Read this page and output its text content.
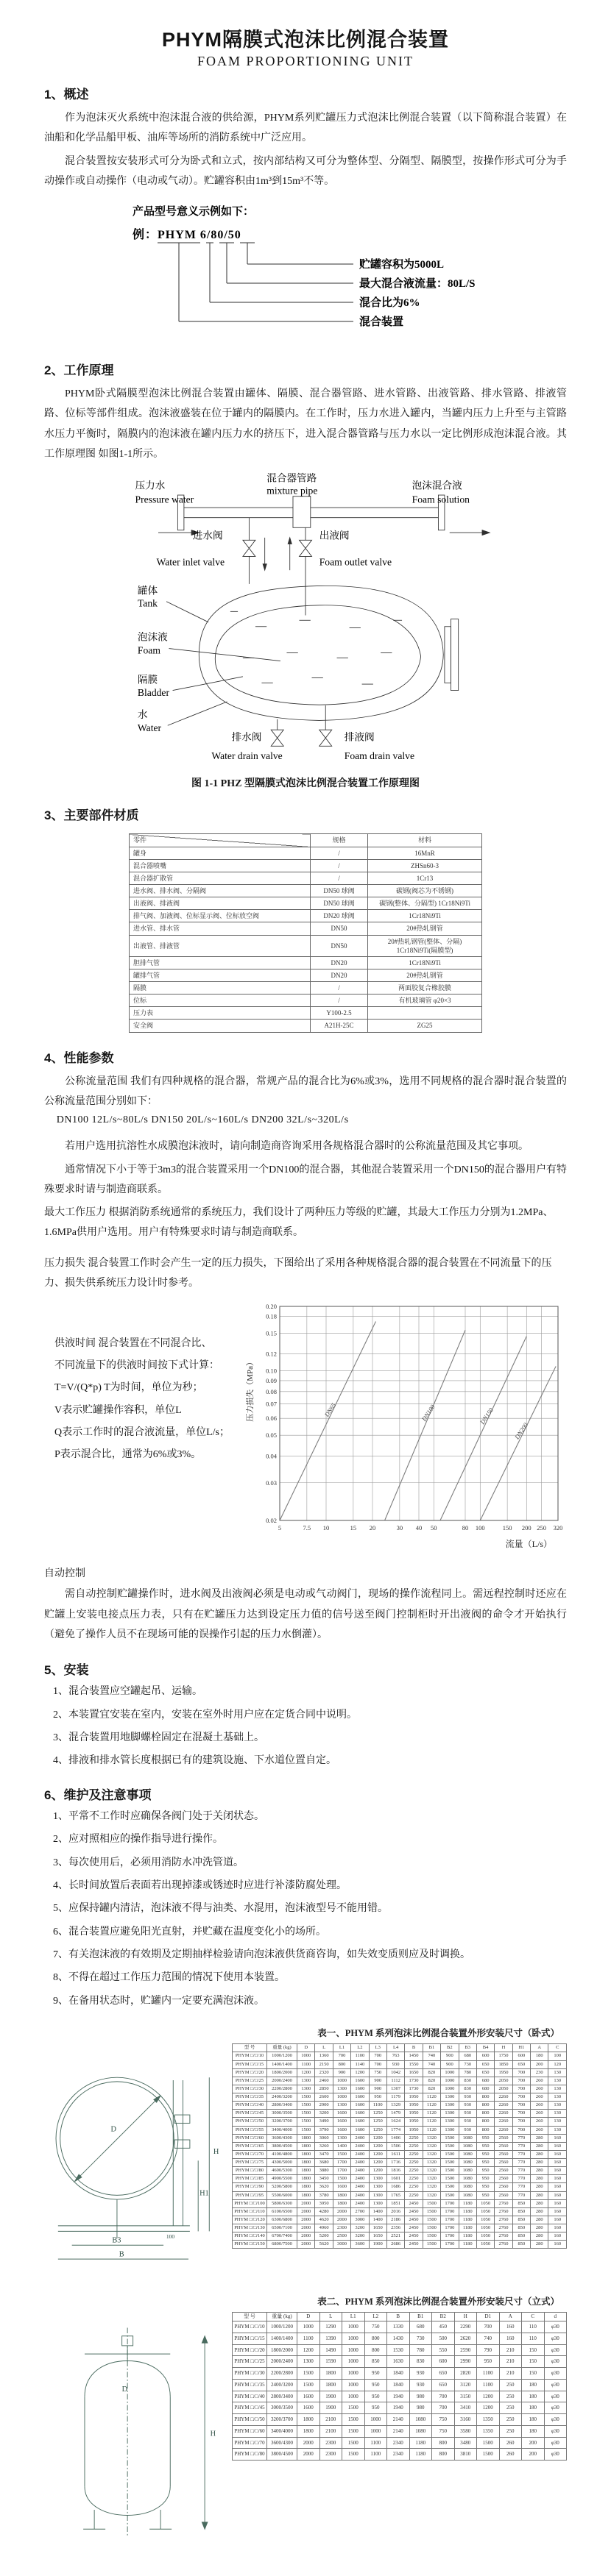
PHYM隔膜式泡沫比例混合装置
FOAM PROPORTIONING UNIT
1、概述

作为泡沫灭火系统中泡沫混合液的供给源，PHYM系列贮罐压力式泡沫比例混合装置（以下简称混合装置）在油船和化学品船甲板、油库等场所的消防系统中广泛应用。

混合装置按安装形式可分为卧式和立式，按内部结构又可分为整体型、分隔型、隔膜型，按操作形式可分为手动操作或自动操作（电动或气动）。贮罐容积由1m³到15m³不等。

产品型号意义示例如下：
例：PHYM 6/80/50
贮罐容积为5000L
最大混合液流量：80L/S
混合比为6%
混合装置
2、工作原理

PHYM卧式隔膜型泡沫比例混合装置由罐体、隔膜、混合器管路、进水管路、出液管路、排水管路、排液管路、位标等部件组成。泡沫液盛装在位于罐内的隔膜内。在工作时，压力水进入罐内，当罐内压力上升至与主管路水压力平衡时，隔膜内的泡沫液在罐内压力水的挤压下，进入混合器管路与压力水以一定比例形成泡沫混合液。其工作原理图 如图1-1所示。

压力水
Pressure water
混合器管路
mixture pipe	泡沫混合液
Foam solution
进水阀
Water inlet valve
出液阀
Foam outlet valve
罐体
Tank
泡沫液
Foam
隔膜
Bladder
水
Water
排水阀
Water drain valve
排液阀
Foam drain valve
图 1-1 PHZ 型隔膜式泡沫比例混合装置工作原理图
3、主要部件材质
零件	规格	材料
罐身	/	16MnR
混合器喷嘴	/	ZHSn60-3
混合器扩散管	/	1Cr13
进水阀、排水阀、分隔阀	DN50 球阀	碳钢(阀芯为不锈钢)
出液阀、排液阀	DN50 球阀	碳钢(整体、分隔型) 1Cr18Ni9Ti
排气阀、加液阀、位标显示阀、位标放空阀	DN20 球阀	1Cr18Ni9Ti
进水管、排水管	DN50	20#热轧钢管
出液管、排液管	DN50	20#热轧钢管(整体、分隔) 1Cr18Ni9Ti(隔膜型)
胆排气管	DN20	1Cr18Ni9Ti
罐排气管	DN20	20#热轧钢管
隔膜	/	两面胶复合橡胶膜
位标	/	有机玻璃管 φ20×3
压力表	Y100-2.5	
安全阀	A21H-25C	ZG25
4、性能参数

公称流量范围 我们有四种规格的混合器，常规产品的混合比为6%或3%，选用不同规格的混合器时混合装置的公称流量范围分别如下：

DN100 12L/s~80L/s DN150 20L/s~160L/s DN200 32L/s~320L/s

若用户选用抗溶性水成膜泡沫液时，请向制造商咨询采用各规格混合器时的公称流量范围及其它事项。

通常情况下小于等于3m3的混合装置采用一个DN100的混合器，其他混合装置采用一个DN150的混合器用户有特殊要求时请与制造商联系。

最大工作压力 根据消防系统通常的系统压力，我们设计了两种压力等级的贮罐，其最大工作压力分别为1.2MPa、1.6MPa供用户选用。用户有特殊要求时请与制造商联系。

压力损失 混合装置工作时会产生一定的压力损失，下图给出了采用各种规格混合器的混合装置在不同流量下的压力、损失供系统压力设计时参考。

供液时间 混合装置在不同混合比、
不同流量下的供液时间按下式计算：
T=V/(Q*p) T为时间，单位为秒；
V表示贮罐操作容积，单位L
Q表示工作时的混合液流量，单位L/s；
P表示混合比，通常为6%或3%。
5	7.5 10	15 20	30 40 50	80 100	150 200 250 320
0.20
0.18
0.15
0.12
0.10
0.09
0.08
0.07
0.06
0.05
0.04
0.03
0.02
DN65	DN100	DN150
DN200
压力损失（MPa）
流量（L/s）
自动控制

需自动控制贮罐操作时，进水阀及出液阀必须是电动或气动阀门，现场的操作流程同上。需远程控制时还应在贮罐上安装电接点压力表，只有在贮罐压力达到设定压力值的信号送至阀门控制柜时开出液阀的命令才开始执行（避免了操作人员不在现场可能的误操作引起的压力水倒灌）。

5、安装
1、混合装置应空罐起吊、运输。
2、本装置宜安装在室内，安装在室外时用户应在定货合同中说明。
3、混合装置用地脚螺栓固定在混凝土基础上。
4、排液和排水管长度根据已有的建筑设施、下水道位置自定。
6、维护及注意事项
1、平常不工作时应确保各阀门处于关闭状态。
2、应对照相应的操作指导进行操作。
3、每次使用后，必须用消防水冲洗管道。
4、长时间放置后表面若出现掉漆或锈迹时应进行补漆防腐处理。
5、应保持罐内清洁，泡沫液不得与油类、水混用，泡沫液型号不能用错。
6、混合装置应避免阳光直射，并贮藏在温度变化小的场所。
7、有关泡沫液的有效期及定期抽样检验请向泡沫液供货商咨询，如失效变质则应及时调换。
8、不得在超过工作压力范围的情况下使用本装置。
9、在备用状态时，贮罐内一定要充满泡沫液。
表一、PHYM 系列泡沫比例混合装置外形安装尺寸（卧式）
D
H
H1
B3
B
100
型 号	重量 (kg)	D	L	L1	L2	L3	L4	B	B1	B2	B3	B4	H	H1	A	C
PHYM □/□/10	1000/1200	1000	1360	700	1100	700	763	1450	740	900	680	600	1750	600	180	100
PHYM □/□/15	1400/1400	1100	2150	800	1140	700	930	1550	740	900	730	650	1850	650	200	120
PHYM □/□/20	1800/2000	1200	2320	900	1200	750	1042	1650	820	1000	780	650	1950	700	230	130
PHYM □/□/25	2000/2400	1300	2460	1000	1600	900	1112	1730	820	1000	830	680	2050	700	260	130
PHYM □/□/30	2200/2800	1300	2850	1300	1600	900	1307	1730	820	1000	830	680	2050	700	260	130
PHYM □/□/35	2400/3200	1500	2600	1000	1600	950	1179	1950	1120	1300	930	800	2260	700	260	130
PHYM □/□/40	2800/3400	1500	2900	1300	1600	1100	1329	1950	1120	1300	930	800	2260	700	260	130
PHYM □/□/45	3000/3500	1500	3200	1600	1600	1250	1479	1950	1120	1300	930	800	2260	700	260	130
PHYM □/□/50	3200/3700	1500	3490	1600	1600	1250	1624	1950	1120	1300	930	800	2260	700	260	130
PHYM □/□/55	3400/4000	1500	3790	1600	1600	1250	1774	1950	1120	1300	930	800	2260	700	260	130
PHYM □/□/60	3600/4300	1800	3060	1300	2400	1200	1406	2250	1320	1500	1080	950	2560	770	280	160
PHYM □/□/65	3800/4500	1800	3260	1400	2400	1200	1506	2250	1320	1500	1080	950	2560	770	280	160
PHYM □/□/70	4100/4800	1800	3470	1500	2400	1200	1611	2250	1320	1500	1080	950	2560	770	280	160
PHYM □/□/75	4300/5000	1800	3680	1700	2400	1200	1716	2250	1320	1500	1080	950	2560	770	280	160
PHYM □/□/80	4600/5300	1800	3880	1700	2400	1200	1816	2250	1320	1500	1080	950	2560	770	280	160
PHYM □/□/85	4900/5500	1800	3450	1500	2400	1300	1601	2250	1320	1500	1080	950	2560	770	280	160
PHYM □/□/90	5200/5800	1800	3620	1600	2400	1300	1686	2250	1320	1500	1080	950	2560	770	280	160
PHYM □/□/95	5500/6000	1800	3780	1800	2400	1300	1765	2250	1320	1500	1080	950	2560	770	280	160
PHYM □/□/100	5800/6300	2000	3950	1800	2400	1300	1851	2450	1500	1700	1180	1050	2760	850	280	160
PHYM □/□/110	6100/6500	2000	4280	2000	2700	1400	2016	2450	1500	1700	1180	1050	2760	850	280	160
PHYM □/□/120	6300/6800	2000	4620	2000	3000	1400	2186	2450	1500	1700	1180	1050	2760	850	280	160
PHYM □/□/130	6500/7100	2000	4960	2300	3200	1650	2356	2450	1500	1700	1180	1050	2760	850	280	160
PHYM □/□/140	6700/7400	2000	5200	2500	3200	1650	2521	2450	1500	1700	1180	1050	2760	850	280	160
PHYM □/□/150	6800/7500	2000	5620	3000	3600	1900	2686	2450	1500	1700	1180	1050	2760	850	280	160
表二、PHYM 系列泡沫比例混合装置外形安装尺寸（立式）
D
H
型 号	重量 (kg)	D	L	L1	L2	B	B1	B2	H	D1	A	C	d
PHYM □/□/10	1000/1200	1000	1290	1000	750	1330	680	450	2290	700	160	110	φ30
PHYM □/□/15	1400/1400	1100	1390	1000	800	1430	730	500	2620	740	160	110	φ30
PHYM □/□/20	1800/2000	1200	1490	1000	800	1530	780	550	2590	790	210	150	φ30
PHYM □/□/25	2000/2400	1300	1590	1000	850	1630	830	600	2990	950	210	150	φ30
PHYM □/□/30	2200/2800	1500	1800	1000	950	1840	930	650	2820	1100	210	150	φ30
PHYM □/□/35	2400/3200	1500	1800	1000	950	1840	930	650	3120	1100	250	180	φ30
PHYM □/□/40	2800/3400	1600	1900	1000	950	1940	980	700	3150	1200	250	180	φ30
PHYM □/□/45	3000/3500	1600	1900	1500	950	1940	980	700	3410	1200	250	180	φ30
PHYM □/□/50	3200/3700	1800	2100	1500	1000	2140	1080	750	3160	1350	250	180	φ30
PHYM □/□/60	3400/4000	1800	2100	1500	1000	2140	1080	750	3580	1350	250	180	φ30
PHYM □/□/70	3600/4300	2000	2300	1500	1100	2340	1180	800	3480	1500	260	200	φ30
PHYM □/□/80	3800/4500	2000	2300	1500	1100	2340	1180	800	3810	1500	260	200	φ30
